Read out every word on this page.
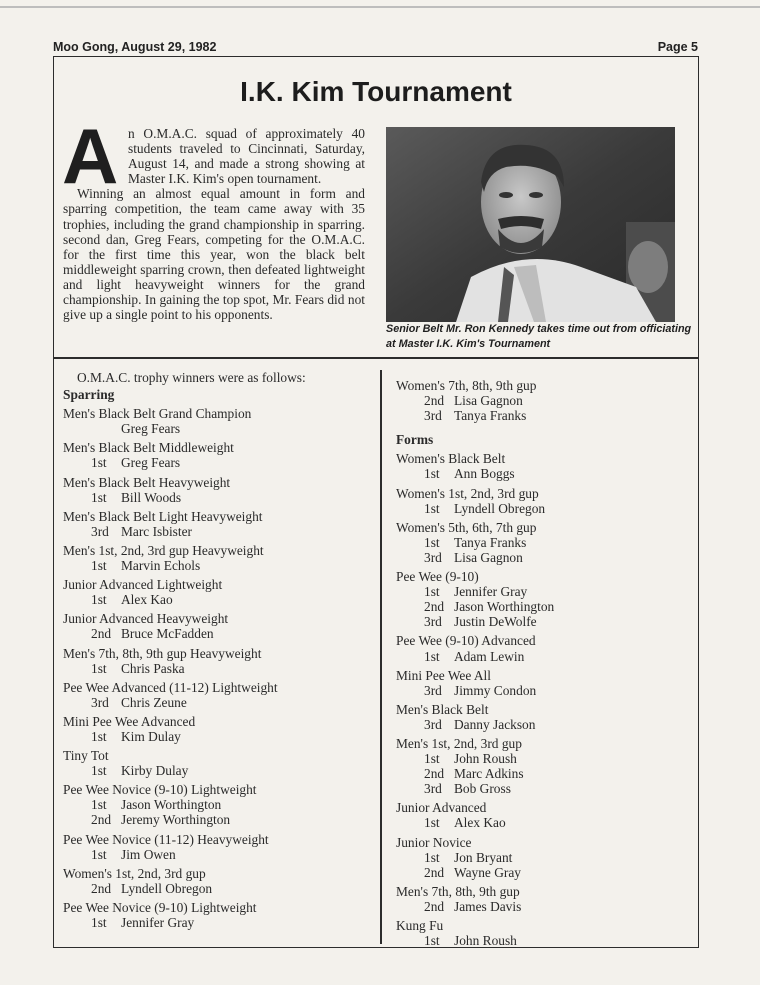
Moo Gong, August 29, 1982	Page 5
I.K. Kim Tournament
A n O.M.A.C. squad of approximately 40 students traveled to Cincinnati, Saturday, August 14, and made a strong showing at Master I.K. Kim's open tournament.

Winning an almost equal amount in form and sparring competition, the team came away with 35 trophies, including the grand championship in sparring. second dan, Greg Fears, competing for the O.M.A.C. for the first time this year, won the black belt middleweight sparring crown, then defeated lightweight and light heavyweight winners for the grand championship. In gaining the top spot, Mr. Fears did not give up a single point to his opponents.

Senior Belt Mr. Ron Kennedy takes time out from officiating at Master I.K. Kim's Tournament
O.M.A.C. trophy winners were as follows:
Sparring
Men's Black Belt Grand Champion
Greg Fears
Men's Black Belt Middleweight
1st Greg Fears
Men's Black Belt Heavyweight
1st Bill Woods
Men's Black Belt Light Heavyweight
3rd Marc Isbister
Men's 1st, 2nd, 3rd gup Heavyweight
1st Marvin Echols
Junior Advanced Lightweight
1st Alex Kao
Junior Advanced Heavyweight
2nd Bruce McFadden
Men's 7th, 8th, 9th gup Heavyweight
1st Chris Paska
Pee Wee Advanced (11-12) Lightweight
3rd Chris Zeune
Mini Pee Wee Advanced
1st Kim Dulay
Tiny Tot
1st Kirby Dulay
Pee Wee Novice (9-10) Lightweight
1st Jason Worthington
2nd Jeremy Worthington
Pee Wee Novice (11-12) Heavyweight
1st Jim Owen
Women's 1st, 2nd, 3rd gup
2nd Lyndell Obregon
Pee Wee Novice (9-10) Lightweight
1st Jennifer Gray
Women's 7th, 8th, 9th gup
2nd Lisa Gagnon
3rd Tanya Franks
Forms
Women's Black Belt
1st Ann Boggs
Women's 1st, 2nd, 3rd gup
1st Lyndell Obregon
Women's 5th, 6th, 7th gup
1st Tanya Franks
3rd Lisa Gagnon
Pee Wee (9-10)
1st Jennifer Gray
2nd Jason Worthington
3rd Justin DeWolfe
Pee Wee (9-10) Advanced
1st Adam Lewin
Mini Pee Wee All
3rd Jimmy Condon
Men's Black Belt
3rd Danny Jackson
Men's 1st, 2nd, 3rd gup
1st John Roush
2nd Marc Adkins
3rd Bob Gross
Junior Advanced
1st Alex Kao
Junior Novice
1st Jon Bryant
2nd Wayne Gray
Men's 7th, 8th, 9th gup
2nd James Davis
Kung Fu
1st John Roush
